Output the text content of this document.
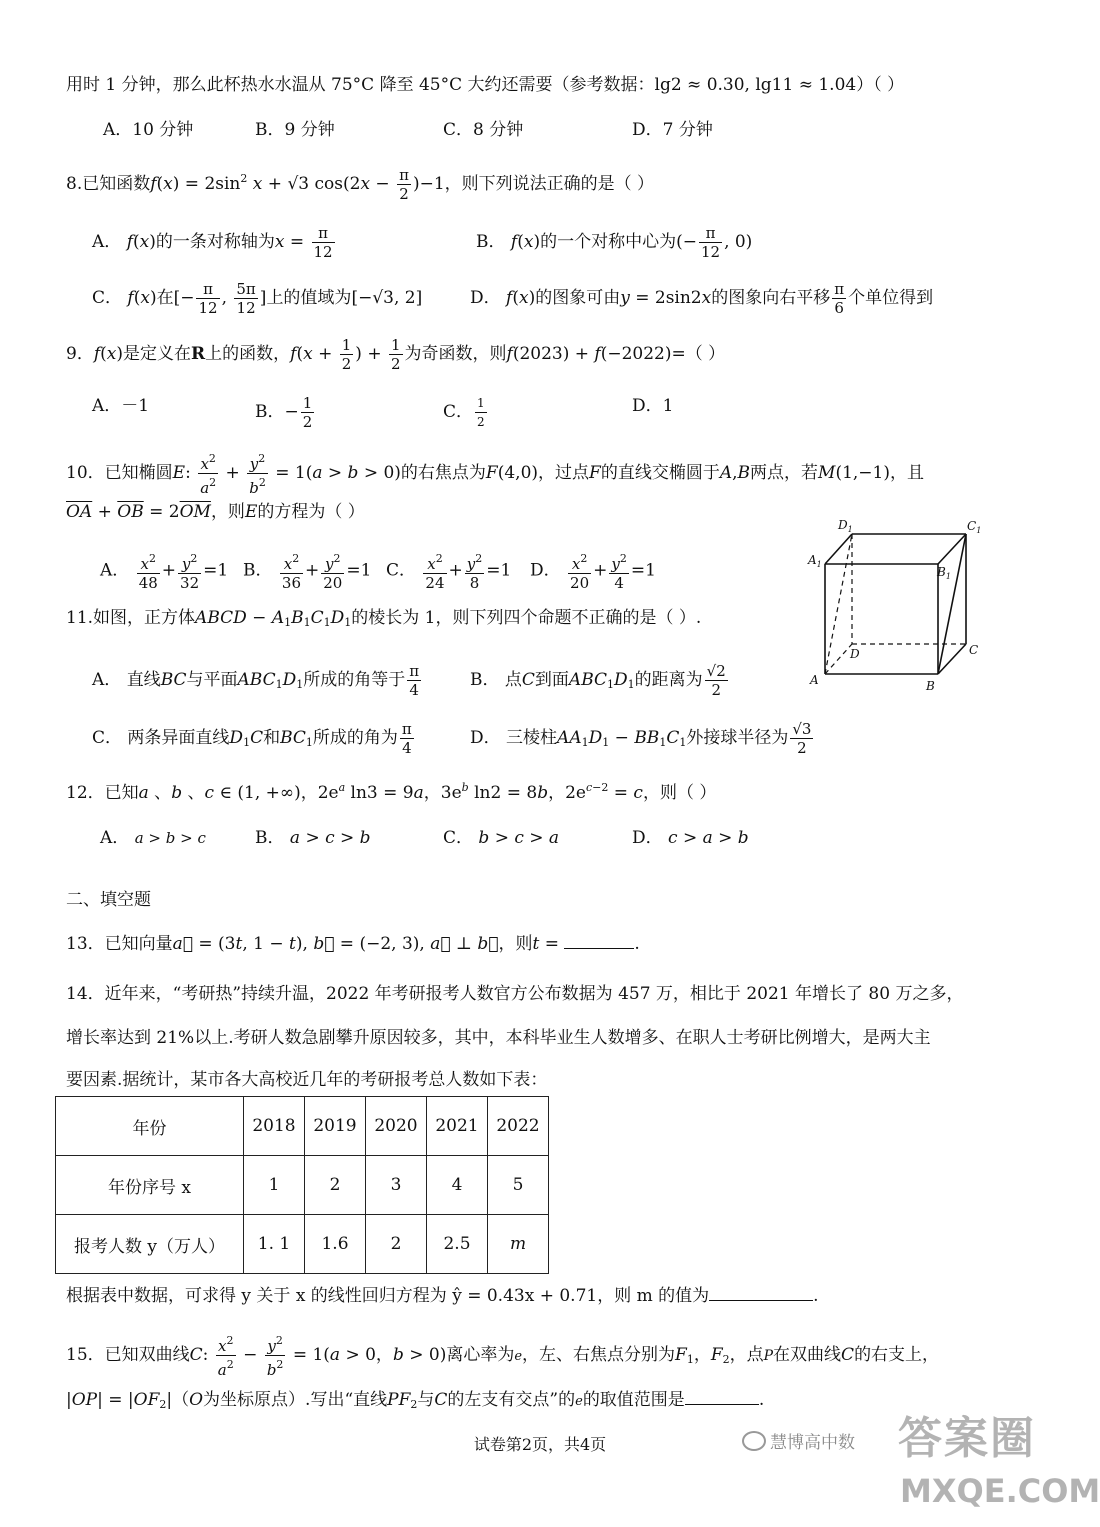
用时 1 分钟，那么此杯热水水温从 75°C 降至 45°C 大约还需要（参考数据：lg2 ≈ 0.30, lg11 ≈ 1.04）（ ）
A．10 分钟	B．9 分钟	C．8 分钟	D．7 分钟
8.已知函数$f(x) = 2\sin^2$ x + √3 $\cos(2x - \frac{\pi}{2} )-1$，则下列说法正确的是（ ）
A． f(x)的一条对称轴为$x = \frac{\pi}{12}$	B． f(x)的一个对称中心为(− $\frac{\pi}{12}$ , 0)
C． f(x)在[− $\frac{\pi}{12}$ , $\frac{5\pi}{12}$ ]上的值域为[−√3, 2]	D． f(x)的图象可由y = 2sin2x的图象向右平移 $\frac{\pi}{6}$ 个单位得到
9．f(x)是定义在R上的函数，$f(x + \frac{1}{2}$ ) + $\frac{1}{2}$ 为奇函数，则f(2023) + f(−2022)=（ ）
A．－1	B．− $\frac{1}{2}$	C． $\frac{1}{2}$	D．1
10．已知椭圆E: $\frac{x^2}{a^2} + \frac{y^2}{b^2} = 1(a > b > 0)$的右焦点为F(4,0)，过点F的直线交椭圆于A,B两点，若M(1,−1)，且
$\overline{OA} + \overline{OB} = 2\overline{OM}$，则E的方程为（ ）
A． $\frac{x^2}{48} + \frac{y^2}{32} =1$ B． $\frac{x^2}{36} + \frac{y^2}{20} =1$ C． $\frac{x^2}{24} + \frac{y^2}{8} =1$ D． $\frac{x^2}{20} + \frac{y^2}{4} =1$
$D_1$	$C_1$
$A_1$
$B_1$
D	C
A	B
11.如图，正方体ABCD − $A_1B_1C_1D_1$的棱长为 1，则下列四个命题不正确的是（ ）.
A． 直线BC与平面$ABC_1D_1$所成的角等于 $\frac{\pi}{4}$	B． 点C到面$ABC_1D_1$的距离为 $\frac{√2}{2}$
C． 两条异面直线$D_1C$和$BC_1$所成的角为 $\frac{\pi}{4}$	D． 三棱柱$AA_1D_1 - BB_1C_1$外接球半径为 $\frac{√3}{2}$
12．已知a 、b 、c ∈ (1, +∞)，$2e^a$ ln3 = 9a，$3e^b$ ln2 = 8b，$2e^{c-2} = c$，则（ ）
A． a > b > c	B． a > c > b	C． b > c > a	D． c > a > b
二、填空题
13．已知向量a⃗ = (3t, 1 − t), b⃗ = (−2, 3), a⃗ ⊥ b⃗，则t =	.
14．近年来，“考研热”持续升温，2022 年考研报考人数官方公布数据为 457 万，相比于 2021 年增长了 80 万之多，
增长率达到 21%以上.考研人数急剧攀升原因较多，其中，本科毕业生人数增多、在职人士考研比例增大，是两大主
要因素.据统计，某市各大高校近几年的考研报考总人数如下表：
年份	2018	2019	2020	2021	2022
年份序号 x	1	2	3	4	5
报考人数 y（万人）	1. 1	1.6	2	2.5	m
根据表中数据，可求得 y 关于 x 的线性回归方程为 ŷ = 0.43x + 0.71，则 m 的值为	.
15．已知双曲线C: $\frac{x^2}{a^2} - \frac{y^2}{b^2} = 1(a > 0$，b > 0)离心率为e，左、右焦点分别为$F_1$，$F_2$，点P在双曲线C的右支上，
$|OP| = |OF_2|(O$为坐标原点）.写出“直线$PF_2$与C的左支有交点”的e的取值范围是	.
试卷第2页，共4页	慧博高中数 答案圈
MXQE.COM
